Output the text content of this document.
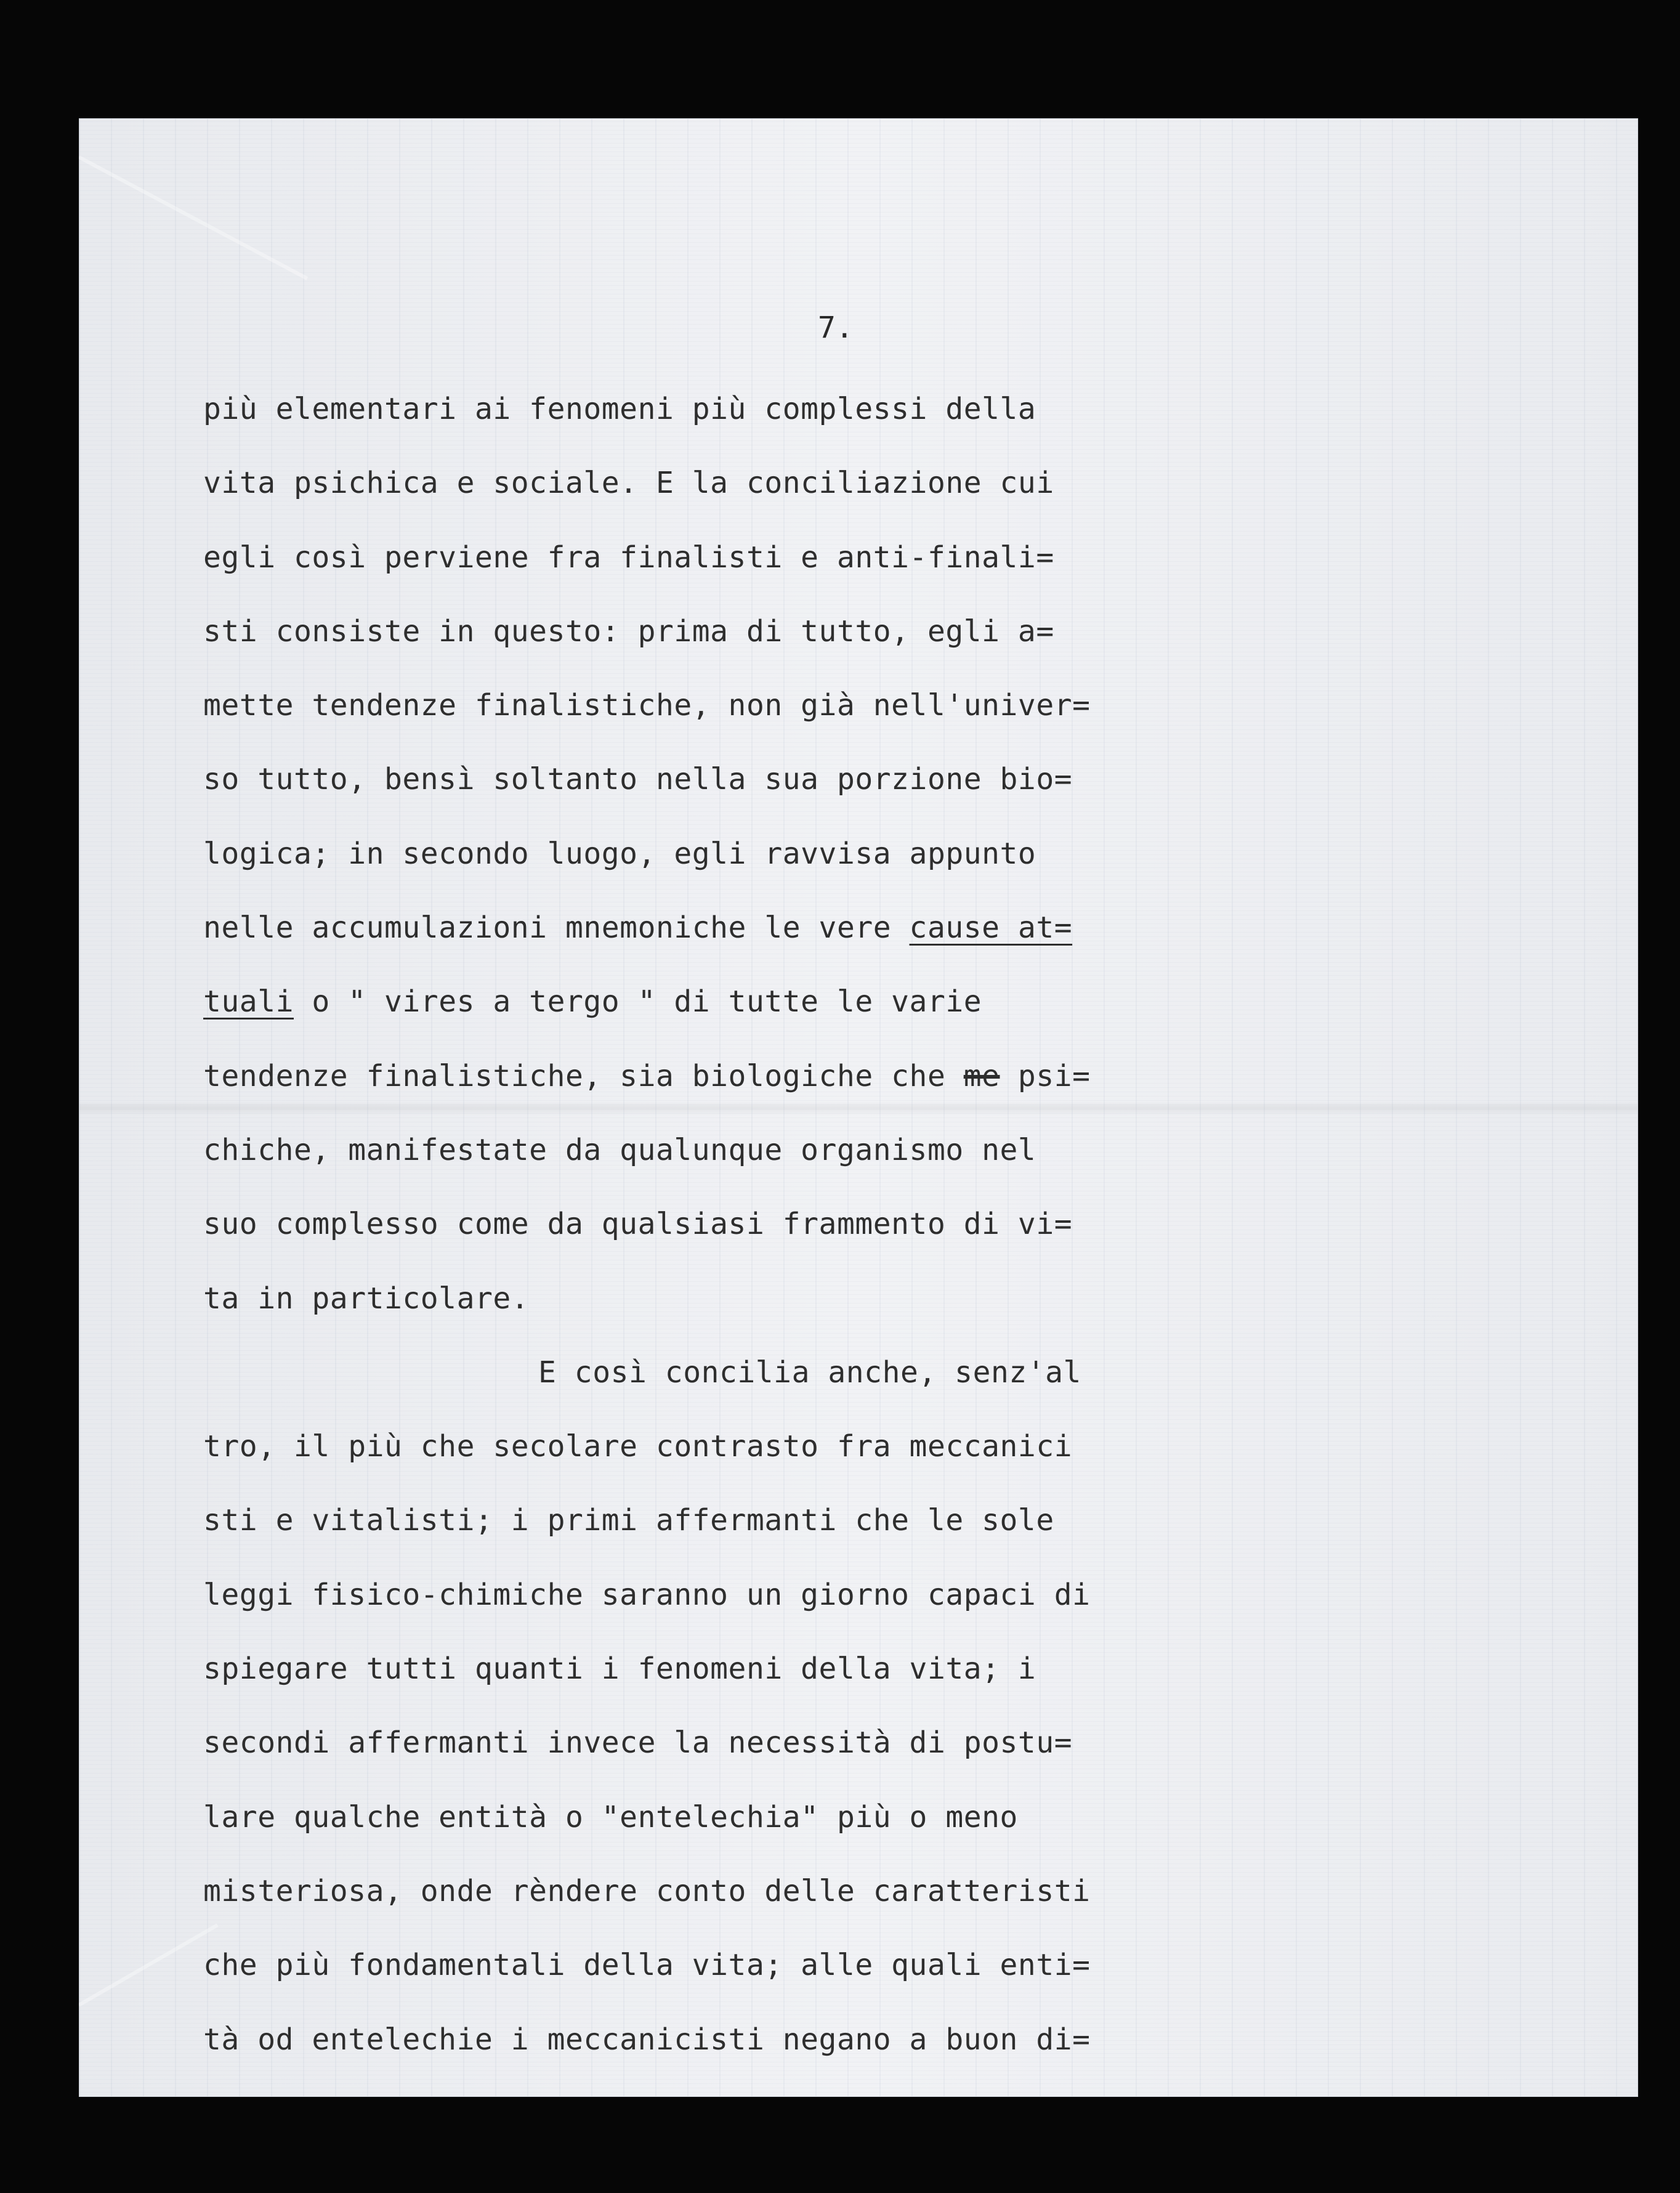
7.

più elementari ai fenomeni più complessi della
vita psichica e sociale. E la conciliazione cui
egli così perviene fra finalisti e anti-finali=
sti consiste in questo: prima di tutto, egli a=
mette tendenze finalistiche, non già nell'univer=
so tutto, bensì soltanto nella sua porzione bio=
logica; in secondo luogo, egli ravvisa appunto
nelle accumulazioni mnemoniche le vere cause at=
tuali o " vires a tergo " di tutte le varie
tendenze finalistiche, sia biologiche che me psi=
chiche, manifestate da qualunque organismo nel
suo complesso come da qualsiasi frammento di vi=
ta in particolare.
E così concilia anche, senz'al
tro, il più che secolare contrasto fra meccanici
sti e vitalisti; i primi affermanti che le sole
leggi fisico-chimiche saranno un giorno capaci di
spiegare tutti quanti i fenomeni della vita; i
secondi affermanti invece la necessità di postu=
lare qualche entità o "entelechia" più o meno
misteriosa, onde rèndere conto delle caratteristi
che più fondamentali della vita; alle quali enti=
tà od entelechie i meccanicisti negano a buon di=
